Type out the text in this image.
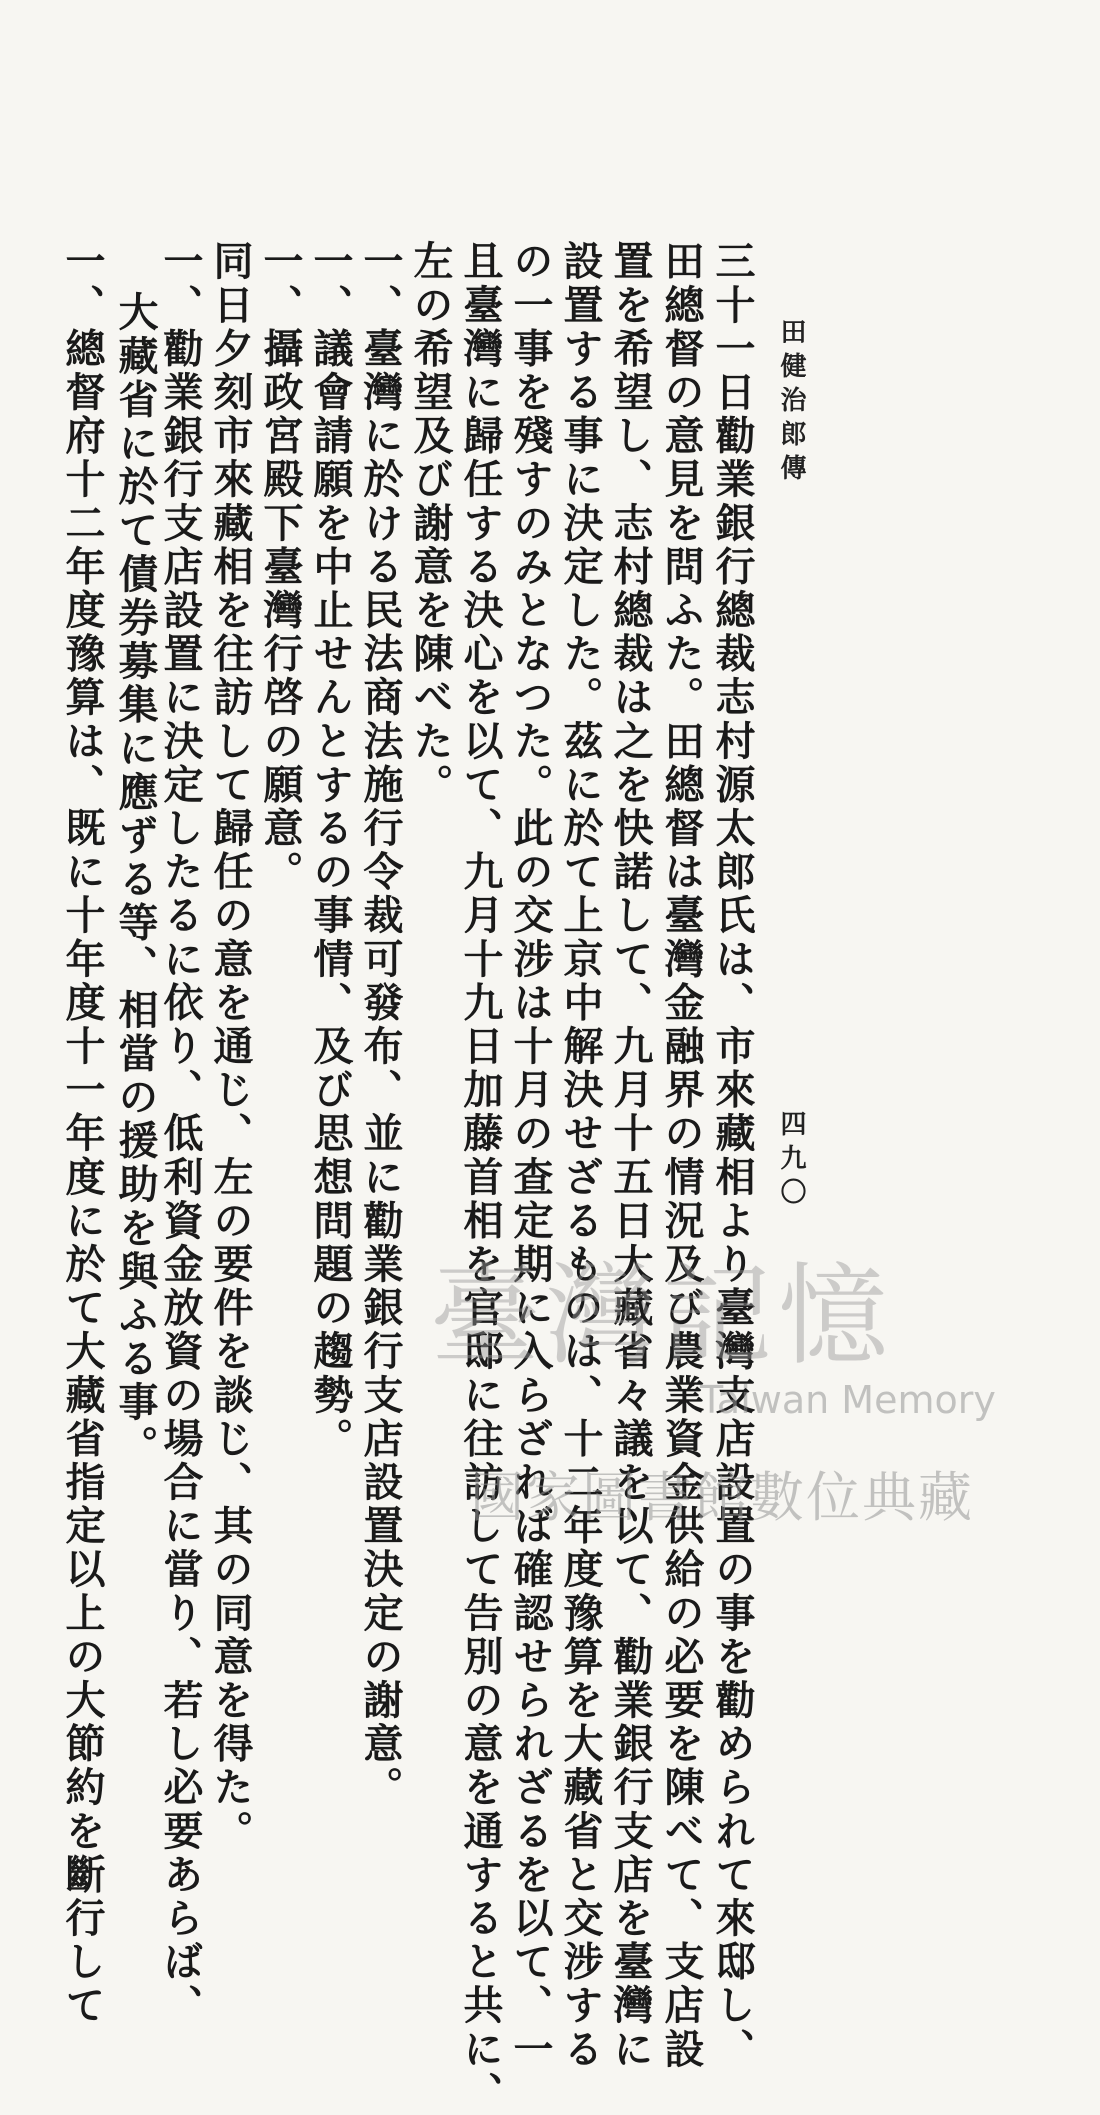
田健治郎傳
四九〇
三十一日勸業銀行總裁志村源太郎氏は、市來藏相より臺灣支店設置の事を勸められて來邸し、
田總督の意見を問ふた。田總督は臺灣金融界の情況及び農業資金供給の必要を陳べて、支店設
置を希望し、志村總裁は之を快諾して、九月十五日大藏省々議を以て、勸業銀行支店を臺灣に
設置する事に決定した。茲に於て上京中解決せざるものは、十二年度豫算を大藏省と交涉する
の一事を殘すのみとなつた。此の交涉は十月の查定期に入らざれば確認せられざるを以て、一
且臺灣に歸任する決心を以て、九月十九日加藤首相を官邸に往訪して告別の意を通すると共に、
左の希望及び謝意を陳べた。
一、臺灣に於ける民法商法施行令裁可發布、並に勸業銀行支店設置決定の謝意。
一、議會請願を中止せんとするの事情、及び思想問題の趨勢。
一、攝政宮殿下臺灣行啓の願意。
同日夕刻市來藏相を往訪して歸任の意を通じ、左の要件を談じ、其の同意を得た。
一、勸業銀行支店設置に決定したるに依り、低利資金放資の場合に當り、若し必要あらば、
大藏省に於て債券募集に應ずる等、相當の援助を與ふる事。
一、總督府十二年度豫算は、既に十年度十一年度に於て大藏省指定以上の大節約を斷行して	臺灣記憶
Taiwan Memory
國家圖書館數位典藏
